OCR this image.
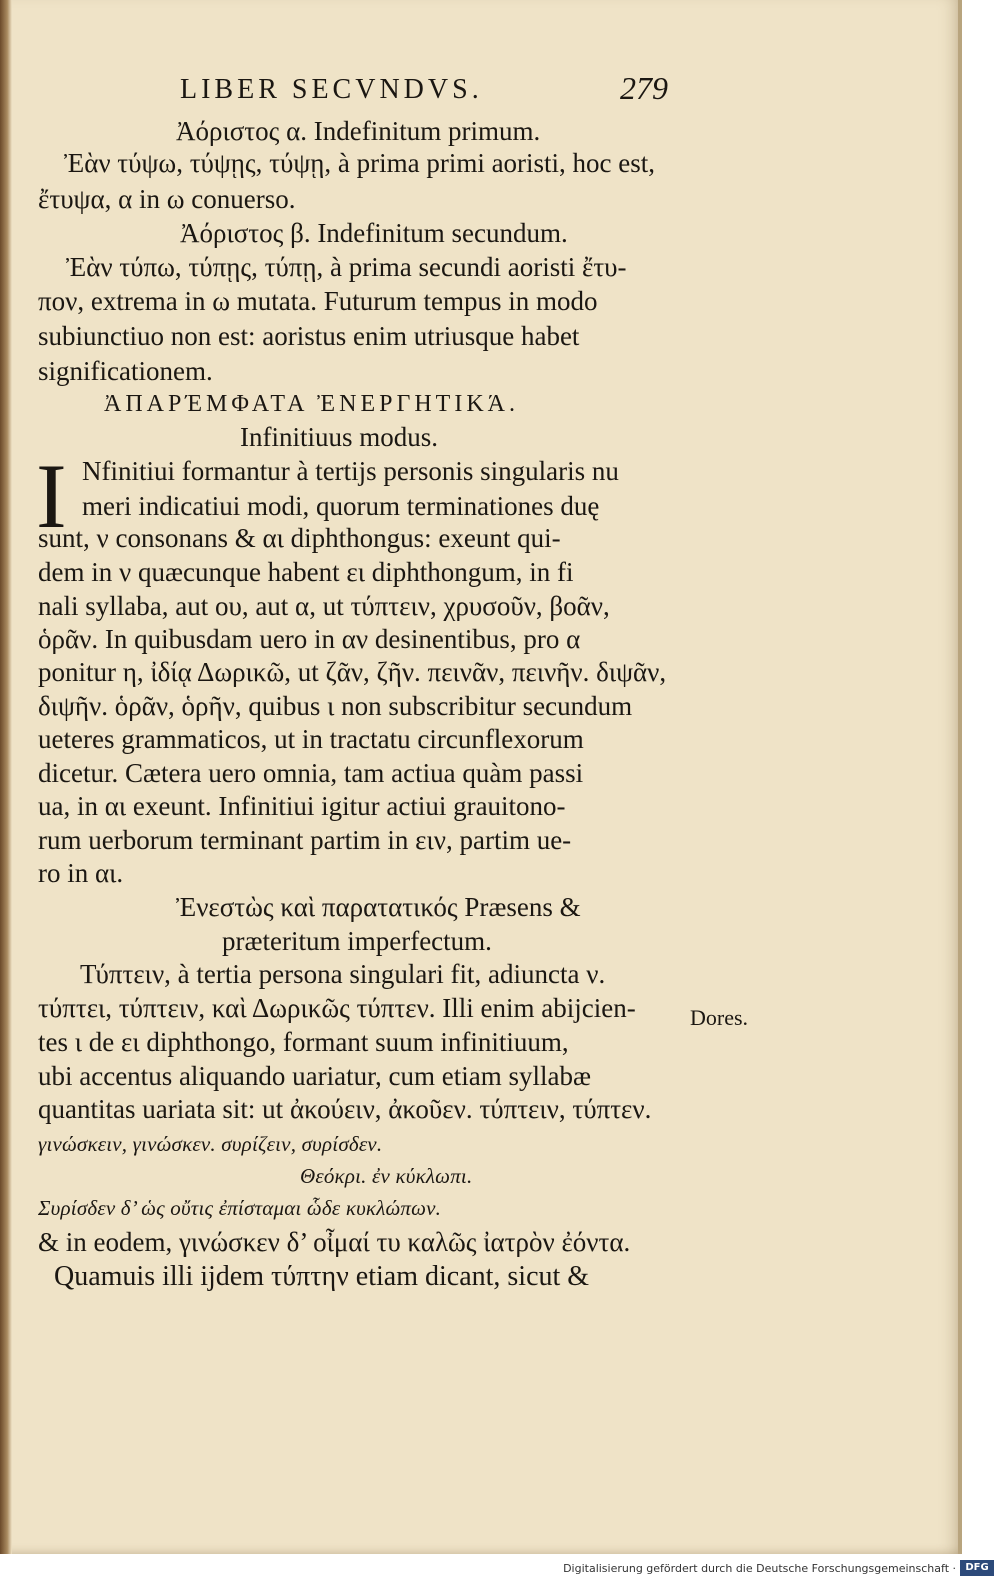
LIBER SECVNDVS.	279
Ἀόριστος α. Indefinitum primum.
Ἐὰν τύψω, τύψῃς, τύψῃ, à prima primi aoristi, hoc est,
ἔτυψα, α in ω conuerso.
Ἀόριστος β. Indefinitum secundum.
Ἐὰν τύπω, τύπῃς, τύπῃ, à prima secundi aoristi ἔτυ-
πον, extrema in ω mutata. Futurum tempus in modo
subiunctiuo non est: aoristus enim utriusque habet
significationem.
ἈΠΑΡΈΜΦΑΤΑ ἘΝΕΡΓΗΤΙΚΆ.
Infinitiuus modus.
I Nfinitiui formantur à tertijs personis singularis nu
meri indicatiui modi, quorum terminationes duę
sunt, ν consonans & αι diphthongus: exeunt qui-
dem in ν quæcunque habent ει diphthongum, in fi
nali syllaba, aut ου, aut α, ut τύπτειν, χρυσοῦν, βοᾶν,
ὁρᾶν. In quibusdam uero in αν desinentibus, pro α
ponitur η, ἰδίᾳ Δωρικῶ, ut ζᾶν, ζῆν. πεινᾶν, πεινῆν. διψᾶν,
διψῆν. ὁρᾶν, ὁρῆν, quibus ι non subscribitur secundum
ueteres grammaticos, ut in tractatu circunflexorum
dicetur. Cætera uero omnia, tam actiua quàm passi
ua, in αι exeunt. Infinitiui igitur actiui grauitono-
rum uerborum terminant partim in ειν, partim ue-
ro in αι.
Ἐνεστὼς καὶ παρατατικός Præsens &
præteritum imperfectum.
Τύπτειν, à tertia persona singulari fit, adiuncta ν.
τύπτει, τύπτειν, καὶ Δωρικῶς τύπτεν. Illi enim abijcien-
tes ι de ει diphthongo, formant suum infinitiuum,
ubi accentus aliquando uariatur, cum etiam syllabæ
quantitas uariata sit: ut ἀκούειν, ἀκοῦεν. τύπτειν, τύπτεν.
γινώσκειν, γινώσκεν. συρίζειν, συρίσδεν.
Θεόκρι. ἐν κύκλωπι.
Συρίσδεν δ’ ὡς οὔτις ἐπίσταμαι ὧδε κυκλώπων.
& in eodem, γινώσκεν δ’ οἶμαί τυ καλῶς ἰατρὸν ἐόντα.
Quamuis illi ijdem τύπτην etiam dicant, sicut &
Dores.
Digitalisierung gefördert durch die Deutsche Forschungsgemeinschaft · DFG
